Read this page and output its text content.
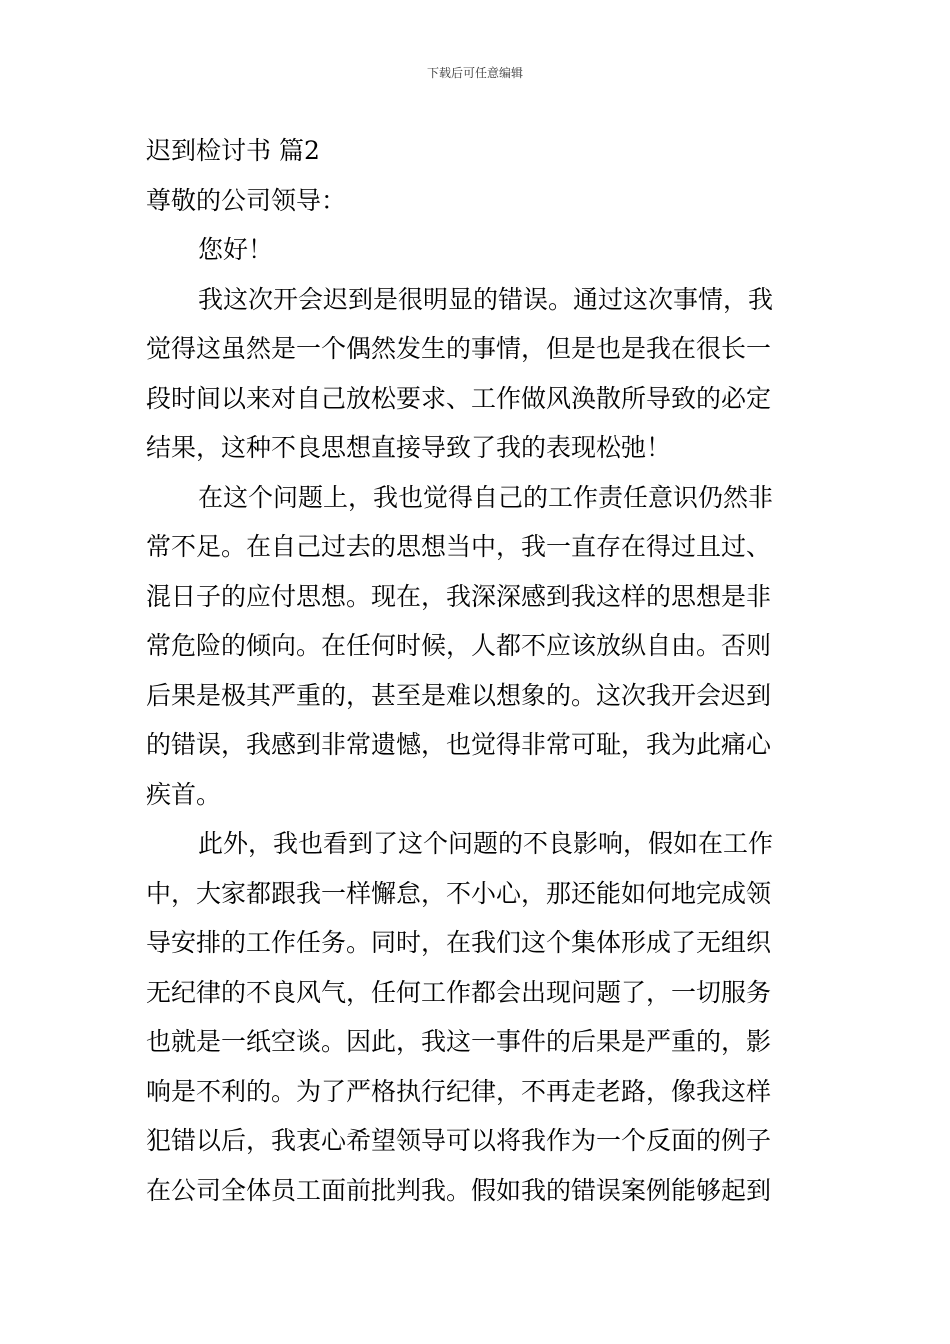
下载后可任意编辑
迟到检讨书 篇2
尊敬的公司领导：
您好！
我这次开会迟到是很明显的错误。通过这次事情，我
觉得这虽然是一个偶然发生的事情，但是也是我在很长一
段时间以来对自己放松要求、工作做风涣散所导致的必定
结果，这种不良思想直接导致了我的表现松弛！
在这个问题上，我也觉得自己的工作责任意识仍然非
常不足。在自己过去的思想当中，我一直存在得过且过、
混日子的应付思想。现在，我深深感到我这样的思想是非
常危险的倾向。在任何时候，人都不应该放纵自由。否则
后果是极其严重的，甚至是难以想象的。这次我开会迟到
的错误，我感到非常遗憾，也觉得非常可耻，我为此痛心
疾首。
此外，我也看到了这个问题的不良影响，假如在工作
中，大家都跟我一样懈怠，不小心，那还能如何地完成领
导安排的工作任务。同时，在我们这个集体形成了无组织
无纪律的不良风气，任何工作都会出现问题了，一切服务
也就是一纸空谈。因此，我这一事件的后果是严重的，影
响是不利的。为了严格执行纪律，不再走老路，像我这样
犯错以后，我衷心希望领导可以将我作为一个反面的例子
在公司全体员工面前批判我。假如我的错误案例能够起到
